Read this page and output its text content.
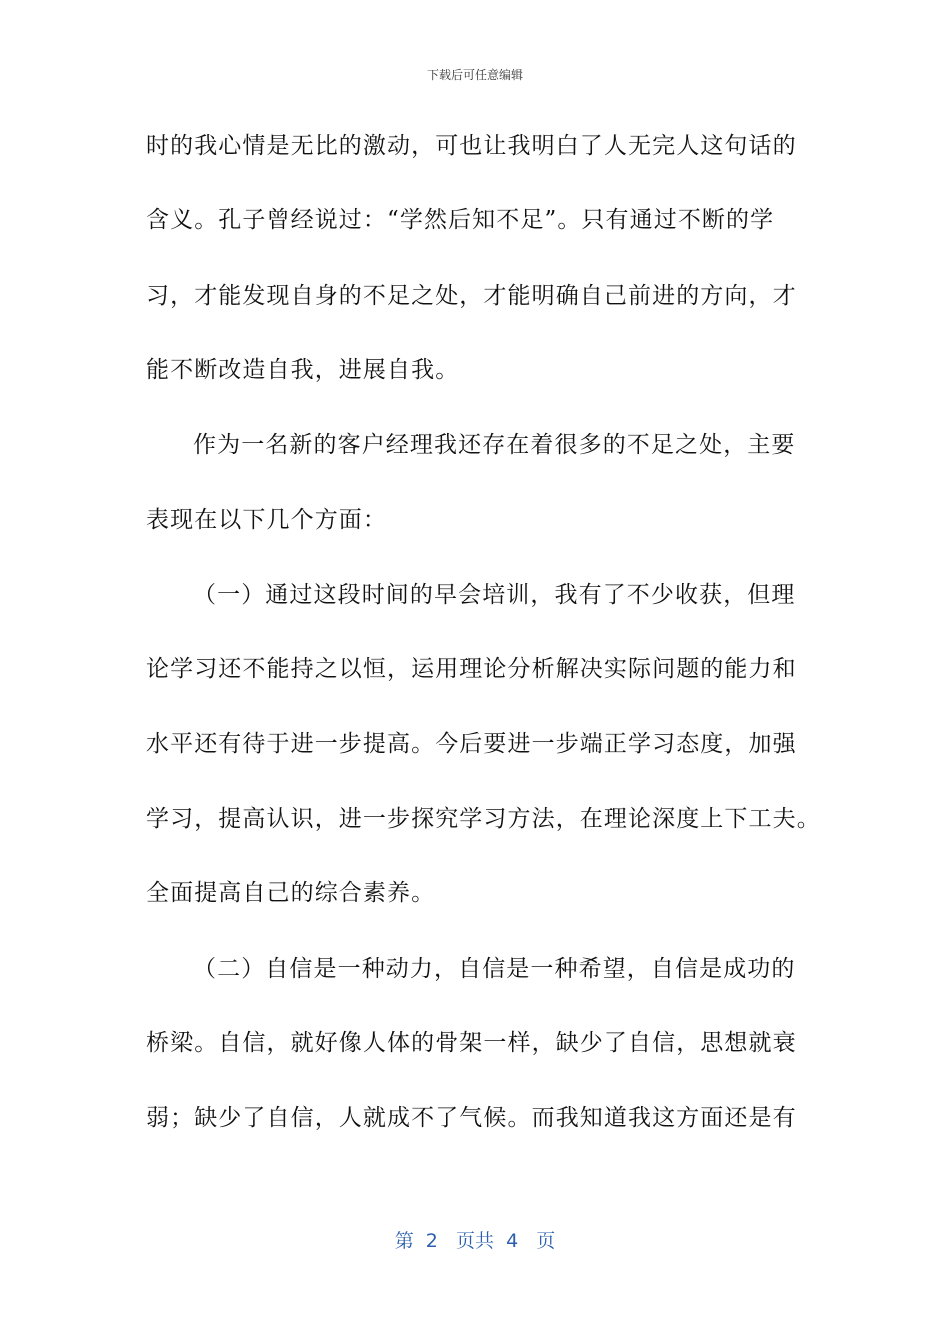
下载后可任意编辑
时的我心情是无比的激动，可也让我明白了人无完人这句话的
含义。孔子曾经说过：“学然后知不足”。只有通过不断的学
习，才能发现自身的不足之处，才能明确自己前进的方向，才
能不断改造自我，进展自我。
作为一名新的客户经理我还存在着很多的不足之处，主要
表现在以下几个方面：
（一）通过这段时间的早会培训，我有了不少收获，但理
论学习还不能持之以恒，运用理论分析解决实际问题的能力和
水平还有待于进一步提高。今后要进一步端正学习态度，加强
学习，提高认识，进一步探究学习方法，在理论深度上下工夫。
全面提高自己的综合素养。
（二）自信是一种动力，自信是一种希望，自信是成功的
桥梁。自信，就好像人体的骨架一样，缺少了自信，思想就衰
弱；缺少了自信，人就成不了气候。而我知道我这方面还是有
第  2   页共  4   页
